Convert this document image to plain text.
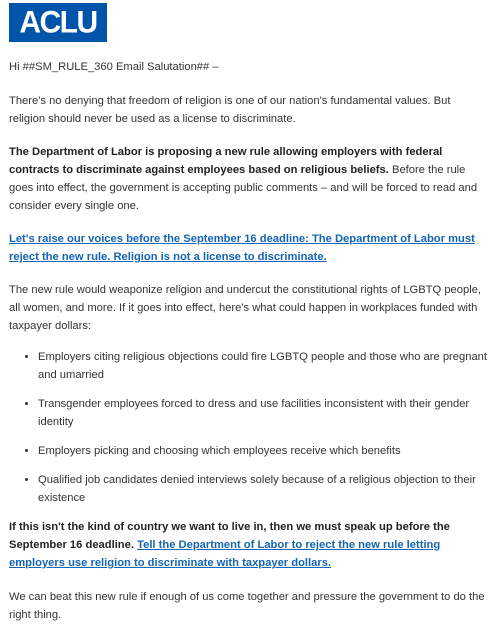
ACLU

Hi ##SM_RULE_360 Email Salutation## –

There's no denying that freedom of religion is one of our nation's fundamental values. But religion should never be used as a license to discriminate.

The Department of Labor is proposing a new rule allowing employers with federal contracts to discriminate against employees based on religious beliefs. Before the rule goes into effect, the government is accepting public comments – and will be forced to read and consider every single one.

Let's raise our voices before the September 16 deadline: The Department of Labor must reject the new rule. Religion is not a license to discriminate.

The new rule would weaponize religion and undercut the constitutional rights of LGBTQ people, all women, and more. If it goes into effect, here's what could happen in workplaces funded with taxpayer dollars:

• Employers citing religious objections could fire LGBTQ people and those who are pregnant and umarried
• Transgender employees forced to dress and use facilities inconsistent with their gender identity
• Employers picking and choosing which employees receive which benefits
• Qualified job candidates denied interviews solely because of a religious objection to their existence

If this isn't the kind of country we want to live in, then we must speak up before the September 16 deadline. Tell the Department of Labor to reject the new rule letting employers use religion to discriminate with taxpayer dollars.

We can beat this new rule if enough of us come together and pressure the government to do the right thing.
